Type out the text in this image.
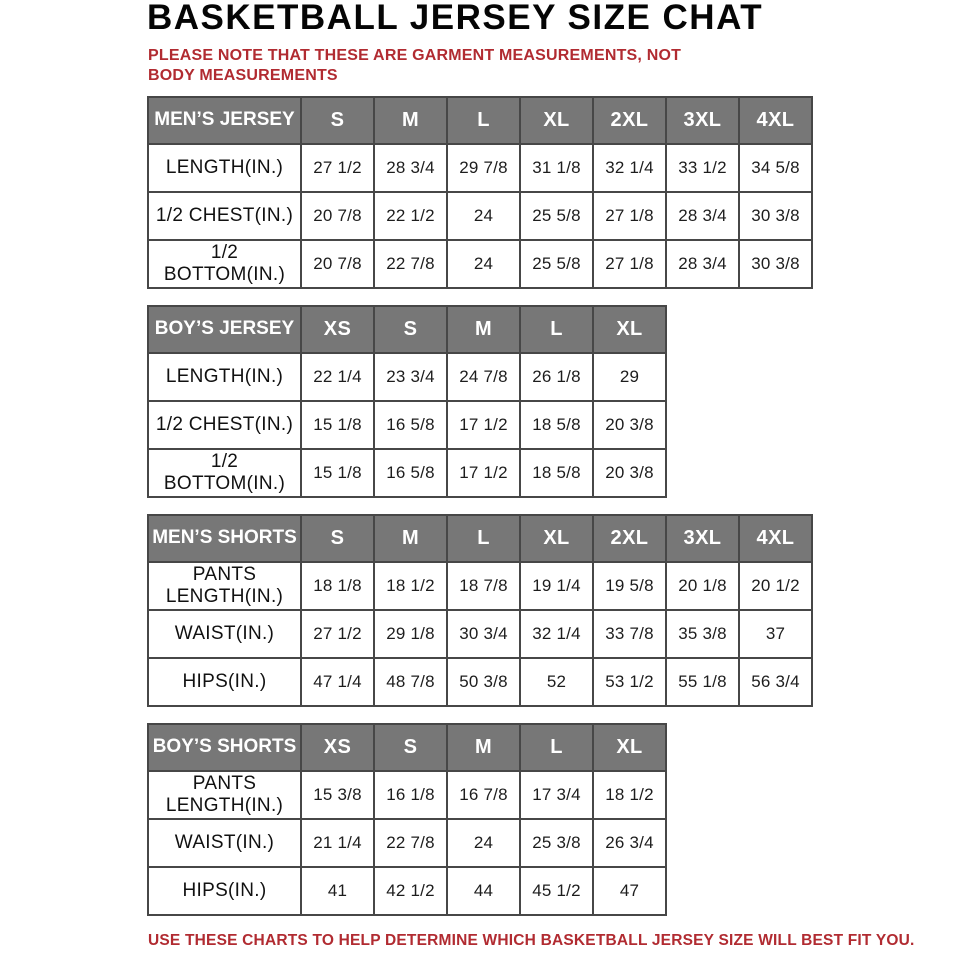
BASKETBALL JERSEY SIZE CHAT

PLEASE NOTE THAT THESE ARE GARMENT MEASUREMENTS, NOT BODY MEASUREMENTS

MEN’S JERSEY	S	M	L	XL	2XL	3XL	4XL
LENGTH(IN.)	27 1/2	28 3/4	29 7/8	31 1/8	32 1/4	33 1/2	34 5/8
1/2 CHEST(IN.)	20 7/8	22 1/2	24	25 5/8	27 1/8	28 3/4	30 3/8
1/2 BOTTOM(IN.)	20 7/8	22 7/8	24	25 5/8	27 1/8	28 3/4	30 3/8
BOY’S JERSEY	XS	S	M	L	XL
LENGTH(IN.)	22 1/4	23 3/4	24 7/8	26 1/8	29
1/2 CHEST(IN.)	15 1/8	16 5/8	17 1/2	18 5/8	20 3/8
1/2 BOTTOM(IN.)	15 1/8	16 5/8	17 1/2	18 5/8	20 3/8
MEN’S SHORTS	S	M	L	XL	2XL	3XL	4XL
PANTS
LENGTH(IN.)	18 1/8	18 1/2	18 7/8	19 1/4	19 5/8	20 1/8	20 1/2
WAIST(IN.)	27 1/2	29 1/8	30 3/4	32 1/4	33 7/8	35 3/8	37
HIPS(IN.)	47 1/4	48 7/8	50 3/8	52	53 1/2	55 1/8	56 3/4
BOY’S SHORTS	XS	S	M	L	XL
PANTS
LENGTH(IN.)	15 3/8	16 1/8	16 7/8	17 3/4	18 1/2
WAIST(IN.)	21 1/4	22 7/8	24	25 3/8	26 3/4
HIPS(IN.)	41	42 1/2	44	45 1/2	47

USE THESE CHARTS TO HELP DETERMINE WHICH BASKETBALL JERSEY SIZE WILL BEST FIT YOU.
